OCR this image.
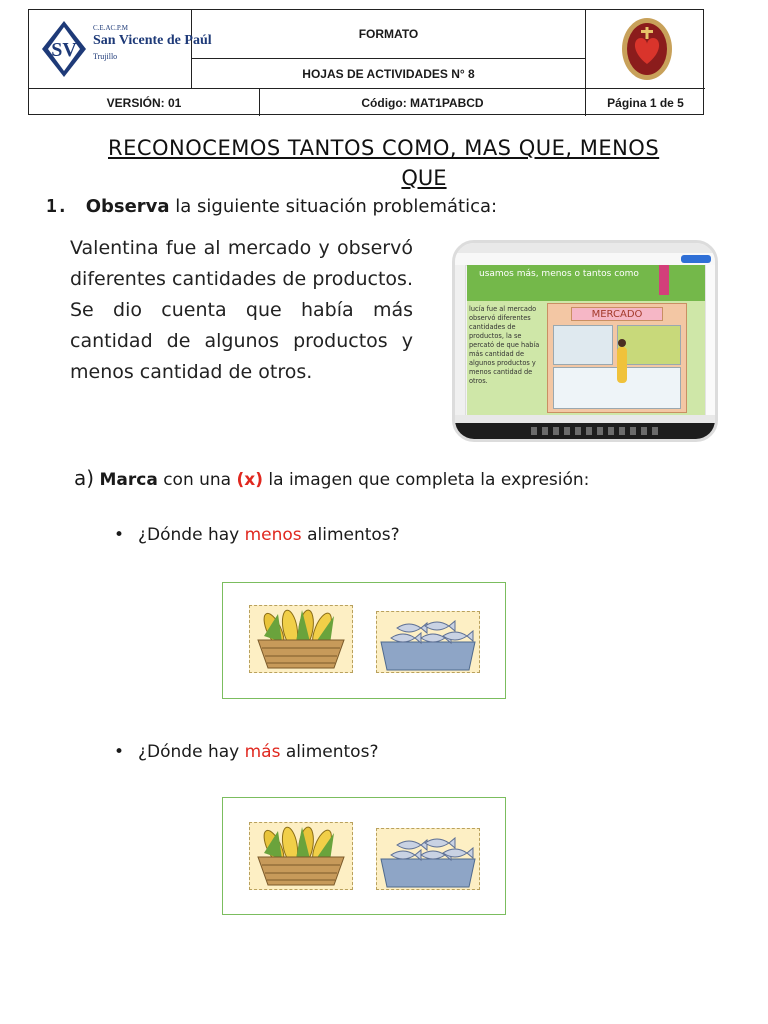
SV
C.E.AC.P.M
San Vicente de Paúl
Trujillo
FORMATO
HOJAS DE ACTIVIDADES N° 8
VERSIÓN: 01	Código: MAT1PABCD	Página 1 de 5
RECONOCEMOS TANTOS COMO, MAS QUE, MENOS
QUE
1. Observa la siguiente situación problemática:
Valentina fue al mercado y observó diferentes cantidades de productos. Se dio cuenta que había más cantidad de algunos productos y menos cantidad de otros.
usamos más, menos o tantos como
lucía fue al mercado observó diferentes cantidades de productos, la se percató de que había más cantidad de algunos productos y menos cantidad de otros.
MERCADO
a) Marca con una (x) la imagen que completa la expresión:
• ¿Dónde hay menos alimentos?
• ¿Dónde hay más alimentos?
